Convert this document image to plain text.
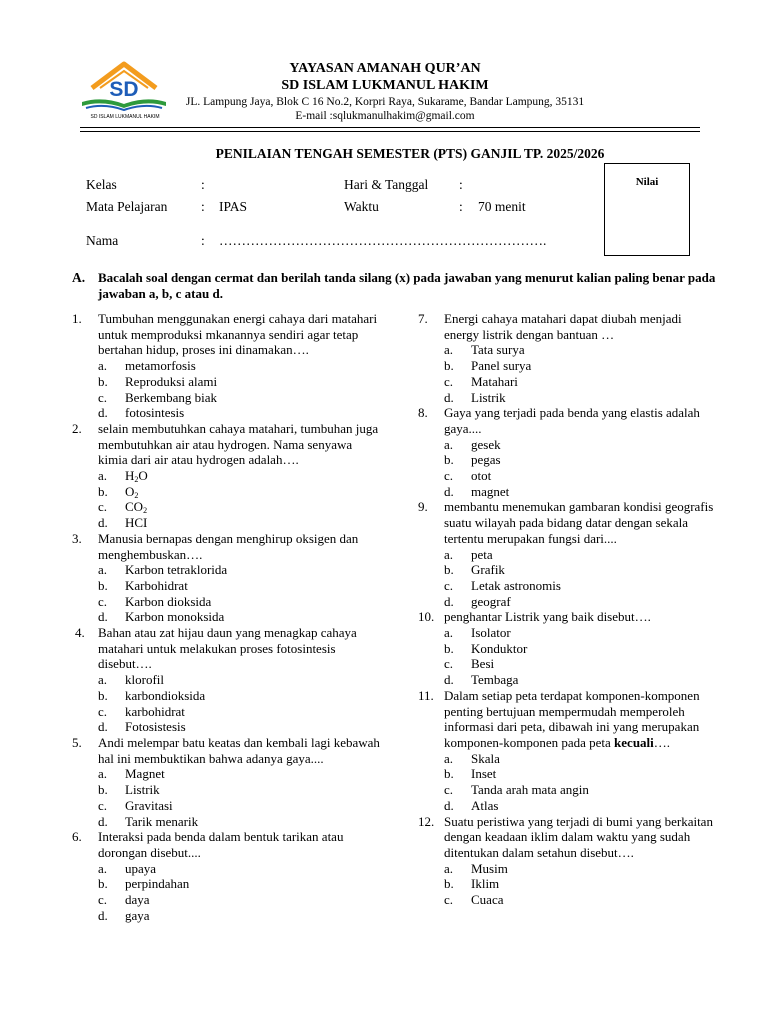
SD
SD ISLAM LUKMANUL HAKIM
YAYASAN AMANAH QUR’AN
SD ISLAM LUKMANUL HAKIM
JL. Lampung Jaya, Blok C 16 No.2, Korpri Raya, Sukarame, Bandar Lampung, 35131
E-mail :sqlukmanulhakim@gmail.com
PENILAIAN TENGAH SEMESTER (PTS) GANJIL TP. 2025/2026
Kelas	:	Hari & Tanggal :
Mata Pelajaran : IPAS	Waktu	: 70 menit
Nama	: ……………………………………………………………….
Nilai
A. Bacalah soal dengan cermat dan berilah tanda silang (x) pada jawaban yang menurut kalian paling benar pada jawaban a, b, c atau d.
1. Tumbuhan menggunakan energi cahaya dari matahari untuk memproduksi mkanannya sendiri agar tetap bertahan hidup, proses ini dinamakan….
a. metamorfosis
b. Reproduksi alami
c. Berkembang biak
d. fotosintesis
2. selain membutuhkan cahaya matahari, tumbuhan juga membutuhkan air atau hydrogen. Nama senyawa kimia dari air atau hydrogen adalah….
a. $H_2O$
b. $O_2$
c. $CO_2$
d. HCI
3. Manusia bernapas dengan menghirup oksigen dan menghembuskan….
a. Karbon tetraklorida
b. Karbohidrat
c. Karbon dioksida
d. Karbon monoksida
4. Bahan atau zat hijau daun yang menagkap cahaya matahari untuk melakukan proses fotosintesis disebut….
a. klorofil
b. karbondioksida
c. karbohidrat
d. Fotosistesis
5. Andi melempar batu keatas dan kembali lagi kebawah hal ini membuktikan bahwa adanya gaya....
a. Magnet
b. Listrik
c. Gravitasi
d. Tarik menarik
6. Interaksi pada benda dalam bentuk tarikan atau dorongan disebut....
a. upaya
b. perpindahan
c. daya
d. gaya
7. Energi cahaya matahari dapat diubah menjadi energy listrik dengan bantuan …
a. Tata surya
b. Panel surya
c. Matahari
d. Listrik
8. Gaya yang terjadi pada benda yang elastis adalah gaya....
a. gesek
b. pegas
c. otot
d. magnet
9. membantu menemukan gambaran kondisi geografis suatu wilayah pada bidang datar dengan sekala tertentu merupakan fungsi dari....
a. peta
b. Grafik
c. Letak astronomis
d. geograf
10. penghantar Listrik yang baik disebut….
a. Isolator
b. Konduktor
c. Besi
d. Tembaga
11. Dalam setiap peta terdapat komponen-komponen penting bertujuan mempermudah memperoleh informasi dari peta, dibawah ini yang merupakan komponen-komponen pada peta kecuali….
a. Skala
b. Inset
c. Tanda arah mata angin
d. Atlas
12. Suatu peristiwa yang terjadi di bumi yang berkaitan dengan keadaan iklim dalam waktu yang sudah ditentukan dalam setahun disebut….
a. Musim
b. Iklim
c. Cuaca
